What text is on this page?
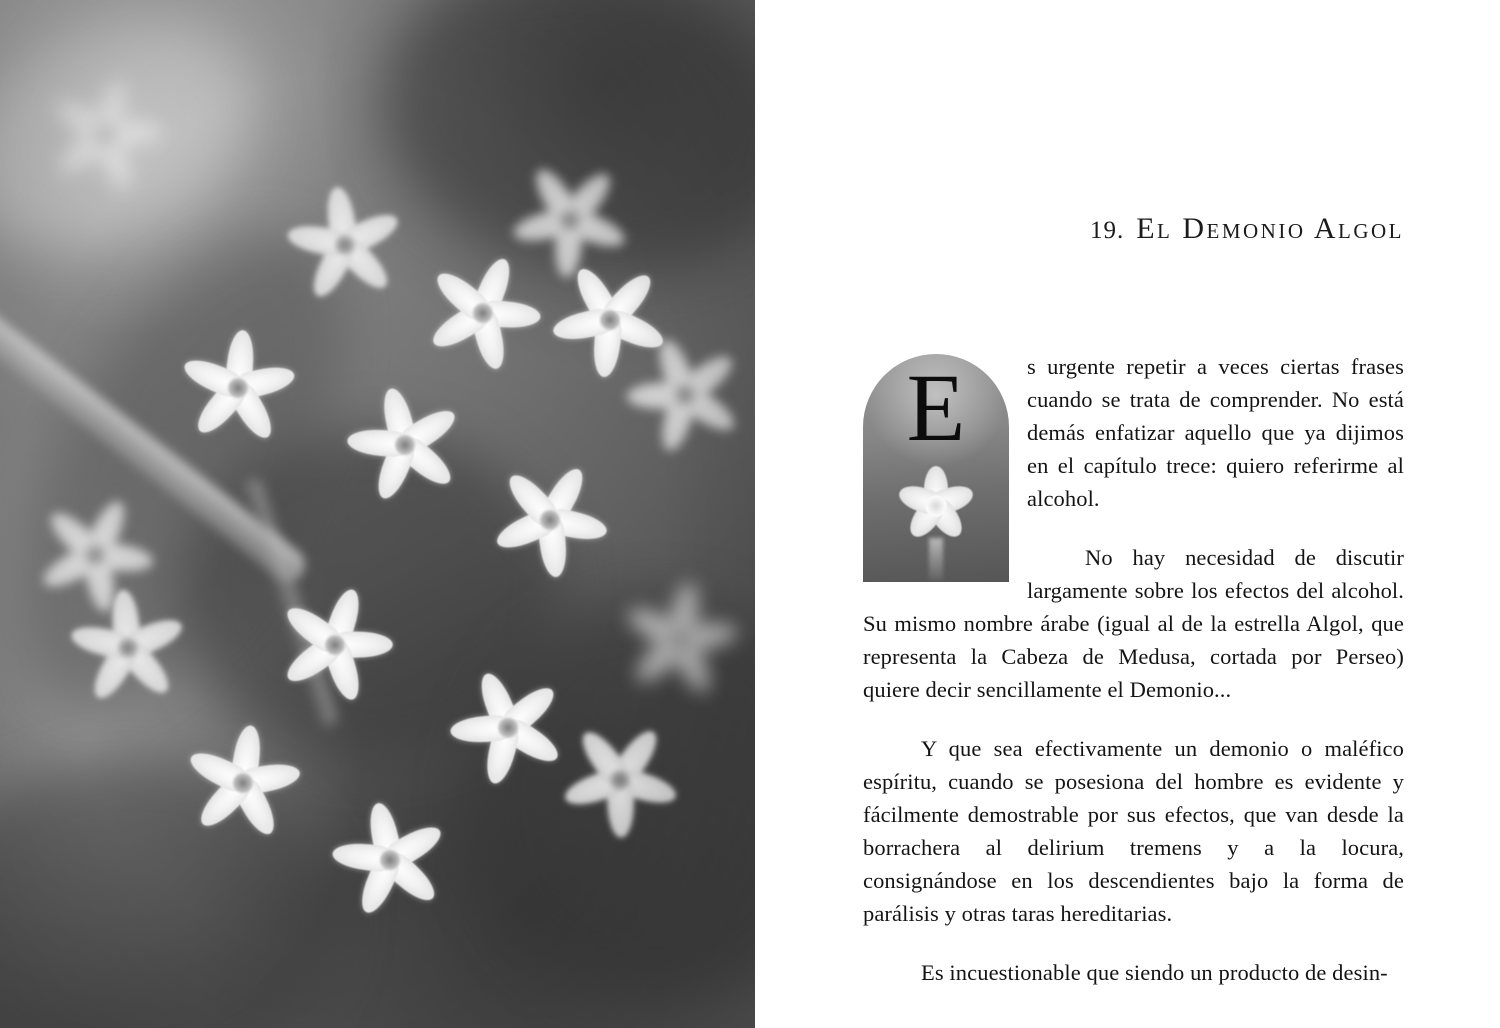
19. El Demonio Algol
E	s urgente repetir a veces ciertas frases cuando se trata de comprender. No está demás enfatizar aquello que ya dijimos en el capítulo trece: quiero referirme al alcohol.

No hay necesidad de discutir largamente sobre los efectos del alcohol. Su mismo nombre árabe (igual al de la estrella Algol, que representa la Cabeza de Medusa, cortada por Perseo) quiere decir sencillamente el Demonio...

Y que sea efectivamente un demonio o maléfico espíritu, cuando se posesiona del hombre es evidente y fácilmente demostrable por sus efectos, que van desde la borrachera al delirium tremens y a la locura, consignándose en los descendientes bajo la forma de parálisis y otras taras hereditarias.

Es incuestionable que siendo un producto de desin-
